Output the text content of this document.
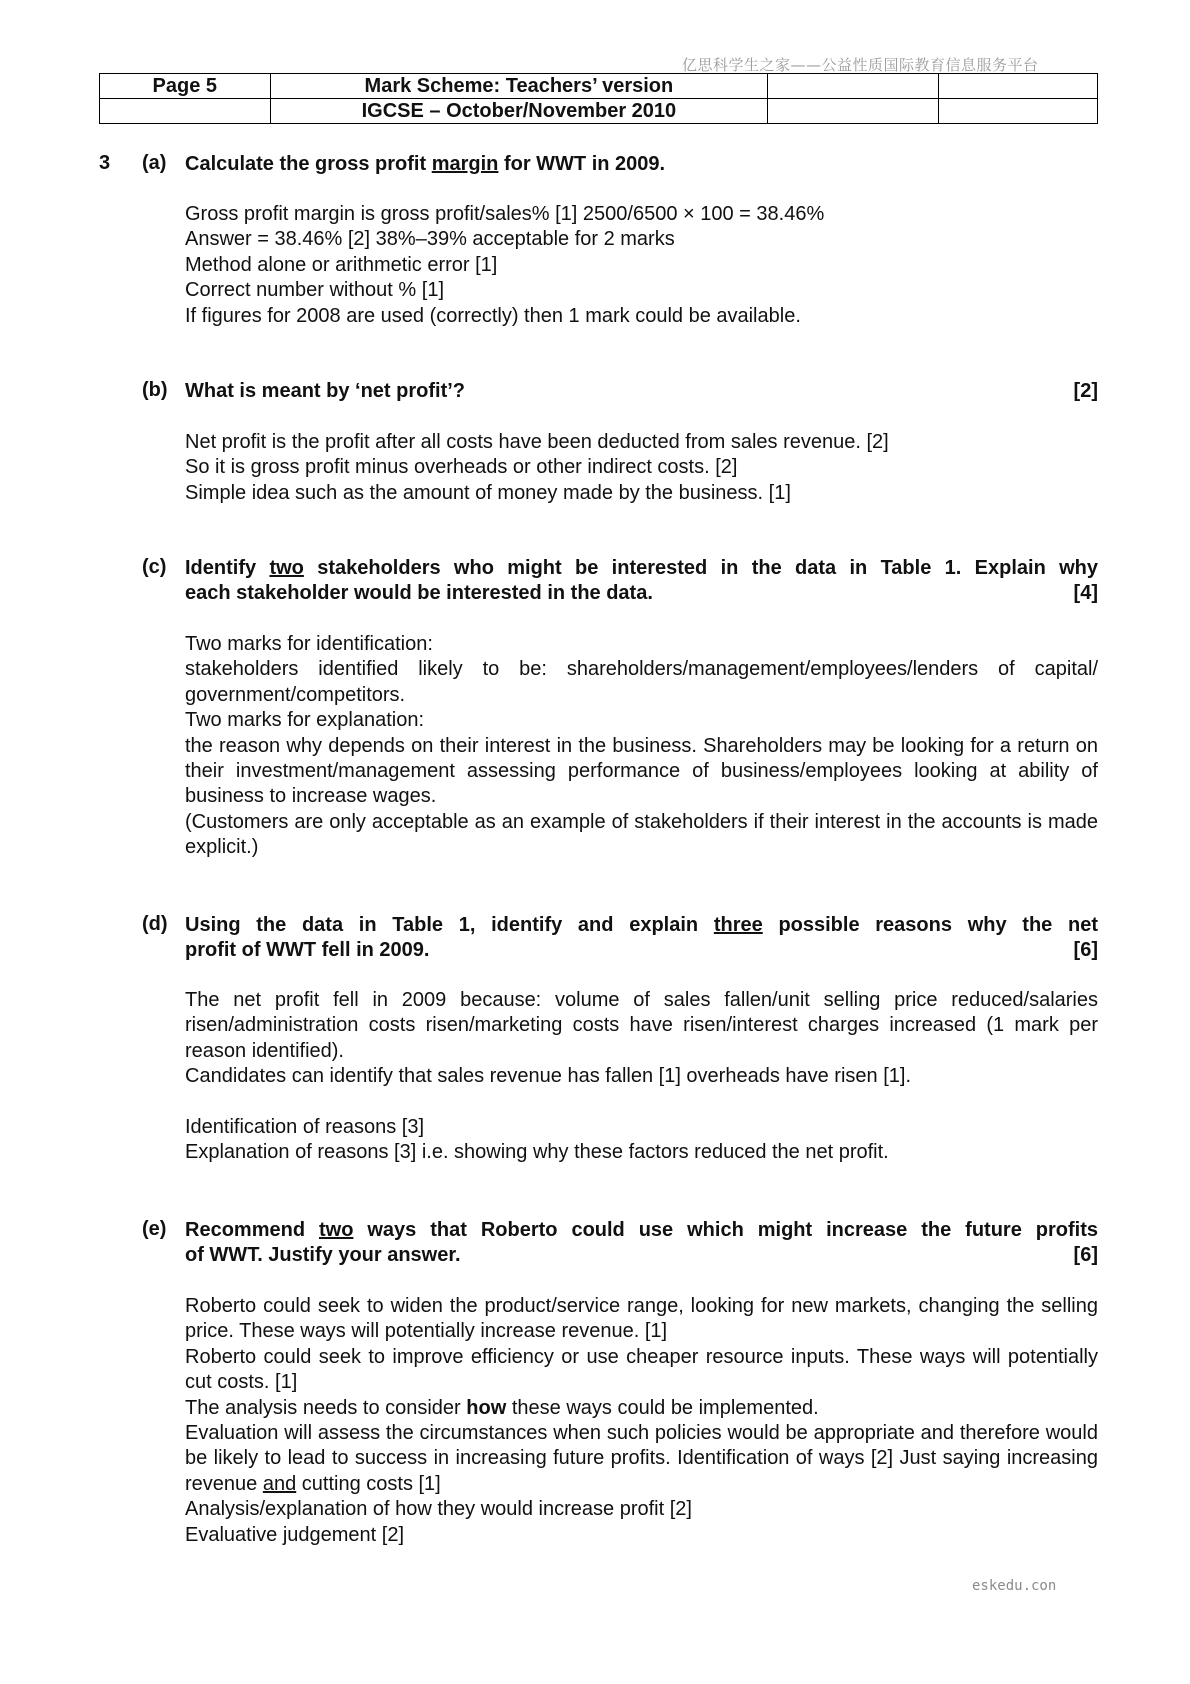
亿思科学生之家——公益性质国际教育信息服务平台
Page 5	Mark Scheme: Teachers’ version		
	IGCSE – October/November 2010		
3 (a) Calculate the gross profit margin for WWT in 2009.

Gross profit margin is gross profit/sales% [1] 2500/6500 × 100 = 38.46%

Answer = 38.46% [2] 38%–39% acceptable for 2 marks

Method alone or arithmetic error [1]

Correct number without % [1]

If figures for 2008 are used (correctly) then 1 mark could be available.

(b) What is meant by ‘net profit’?	[2]

Net profit is the profit after all costs have been deducted from sales revenue. [2]

So it is gross profit minus overheads or other indirect costs. [2]

Simple idea such as the amount of money made by the business. [1]

(c) Identify two stakeholders who might be interested in the data in Table 1. Explain why
each stakeholder would be interested in the data.	[4]

Two marks for identification:

stakeholders identified likely to be: shareholders/management/employees/lenders of capital/ government/competitors.

Two marks for explanation:

the reason why depends on their interest in the business. Shareholders may be looking for a return on their investment/management assessing performance of business/employees looking at ability of business to increase wages.

(Customers are only acceptable as an example of stakeholders if their interest in the accounts is made explicit.)

(d) Using the data in Table 1, identify and explain three possible reasons why the net
profit of WWT fell in 2009.	[6]

The net profit fell in 2009 because: volume of sales fallen/unit selling price reduced/salaries risen/administration costs risen/marketing costs have risen/interest charges increased (1 mark per reason identified).

Candidates can identify that sales revenue has fallen [1] overheads have risen [1].

Identification of reasons [3]

Explanation of reasons [3] i.e. showing why these factors reduced the net profit.

(e) Recommend two ways that Roberto could use which might increase the future profits
of WWT. Justify your answer.	[6]

Roberto could seek to widen the product/service range, looking for new markets, changing the selling price. These ways will potentially increase revenue. [1]

Roberto could seek to improve efficiency or use cheaper resource inputs. These ways will potentially cut costs. [1]

The analysis needs to consider how these ways could be implemented.

Evaluation will assess the circumstances when such policies would be appropriate and therefore would be likely to lead to success in increasing future profits. Identification of ways [2] Just saying increasing revenue and cutting costs [1]

Analysis/explanation of how they would increase profit [2]

Evaluative judgement [2]

eskedu.con
